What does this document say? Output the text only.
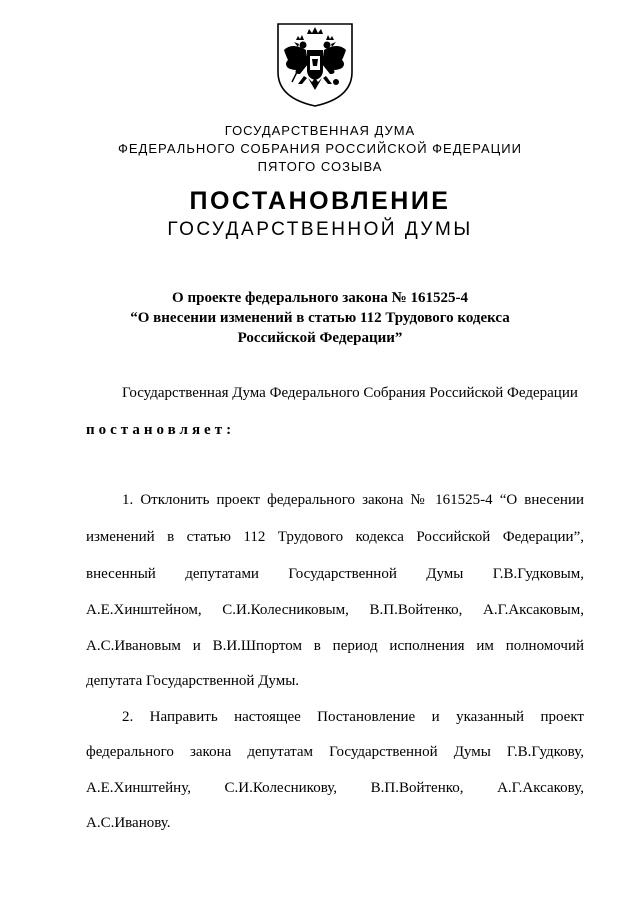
ГОСУДАРСТВЕННАЯ ДУМА
ФЕДЕРАЛЬНОГО СОБРАНИЯ РОССИЙСКОЙ ФЕДЕРАЦИИ
ПЯТОГО СОЗЫВА
ПОСТАНОВЛЕНИЕ
ГОСУДАРСТВЕННОЙ ДУМЫ
О проекте федерального закона № 161525-4
“О внесении изменений в статью 112 Трудового кодекса
Российской Федерации”
Государственная Дума Федерального Собрания Российской Федерации
постановляет:
1. Отклонить проект федерального закона № 161525-4 “О внесении
изменений в статью 112 Трудового кодекса Российской Федерации”,
внесенный депутатами Государственной Думы Г.В.Гудковым,
А.Е.Хинштейном, С.И.Колесниковым, В.П.Войтенко, А.Г.Аксаковым,
А.С.Ивановым и В.И.Шпортом в период исполнения им полномочий
депутата Государственной Думы.
2. Направить настоящее Постановление и указанный проект
федерального закона депутатам Государственной Думы Г.В.Гудкову,
А.Е.Хинштейну, С.И.Колесникову, В.П.Войтенко, А.Г.Аксакову,
А.С.Иванову.
